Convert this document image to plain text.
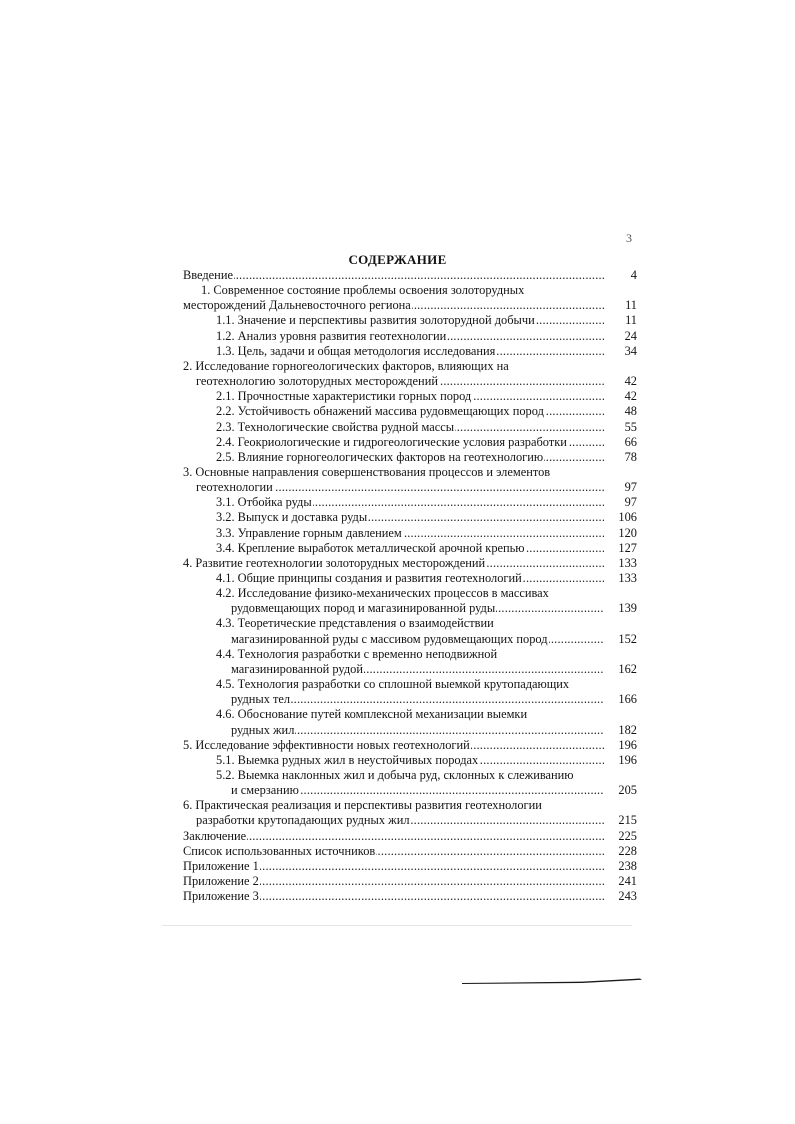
3
СОДЕРЖАНИЕ
Введение .....	4
1. Современное состояние проблемы освоения золоторудных
месторождений Дальневосточного региона .....	11
1.1. Значение и перспективы развития золоторудной добычи .....	11
1.2. Анализ уровня развития геотехнологии .....	24
1.3. Цель, задачи и общая методология исследования .....	34
2. Исследование горногеологических факторов, влияющих на
геотехнологию золоторудных месторождений .....	42
2.1. Прочностные характеристики горных пород .....	42
2.2. Устойчивость обнажений массива рудовмещающих пород .....	48
2.3. Технологические свойства рудной массы .....	55
2.4. Геокриологические и гидрогеологические условия разработки .....	66
2.5. Влияние горногеологических факторов на геотехнологию .....	78
3. Основные направления совершенствования процессов и элементов
геотехнологии .....	97
3.1. Отбойка руды .....	97
3.2. Выпуск и доставка руды .....	106
3.3. Управление горным давлением .....	120
3.4. Крепление выработок металлической арочной крепью .....	127
4. Развитие геотехнологии золоторудных месторождений .....	133
4.1. Общие принципы создания и развития геотехнологий .....	133
4.2. Исследование физико-механических процессов в массивах
рудовмещающих пород и магазинированной руды .....	139
4.3. Теоретические представления о взаимодействии
магазинированной руды с массивом рудовмещающих пород .....	152
4.4. Технология разработки с временно неподвижной
магазинированной рудой .....	162
4.5. Технология разработки со сплошной выемкой крутопадающих
рудных тел .....	166
4.6. Обоснование путей комплексной механизации выемки
рудных жил .....	182
5. Исследование эффективности новых геотехнологий .....	196
5.1. Выемка рудных жил в неустойчивых породах .....	196
5.2. Выемка наклонных жил и добыча руд, склонных к слеживанию
и смерзанию .....	205
6. Практическая реализация и перспективы развития геотехнологии
разработки крутопадающих рудных жил .....	215
Заключение .....	225
Список использованных источников .....	228
Приложение 1 .....	238
Приложение 2 .....	241
Приложение 3 .....	243
